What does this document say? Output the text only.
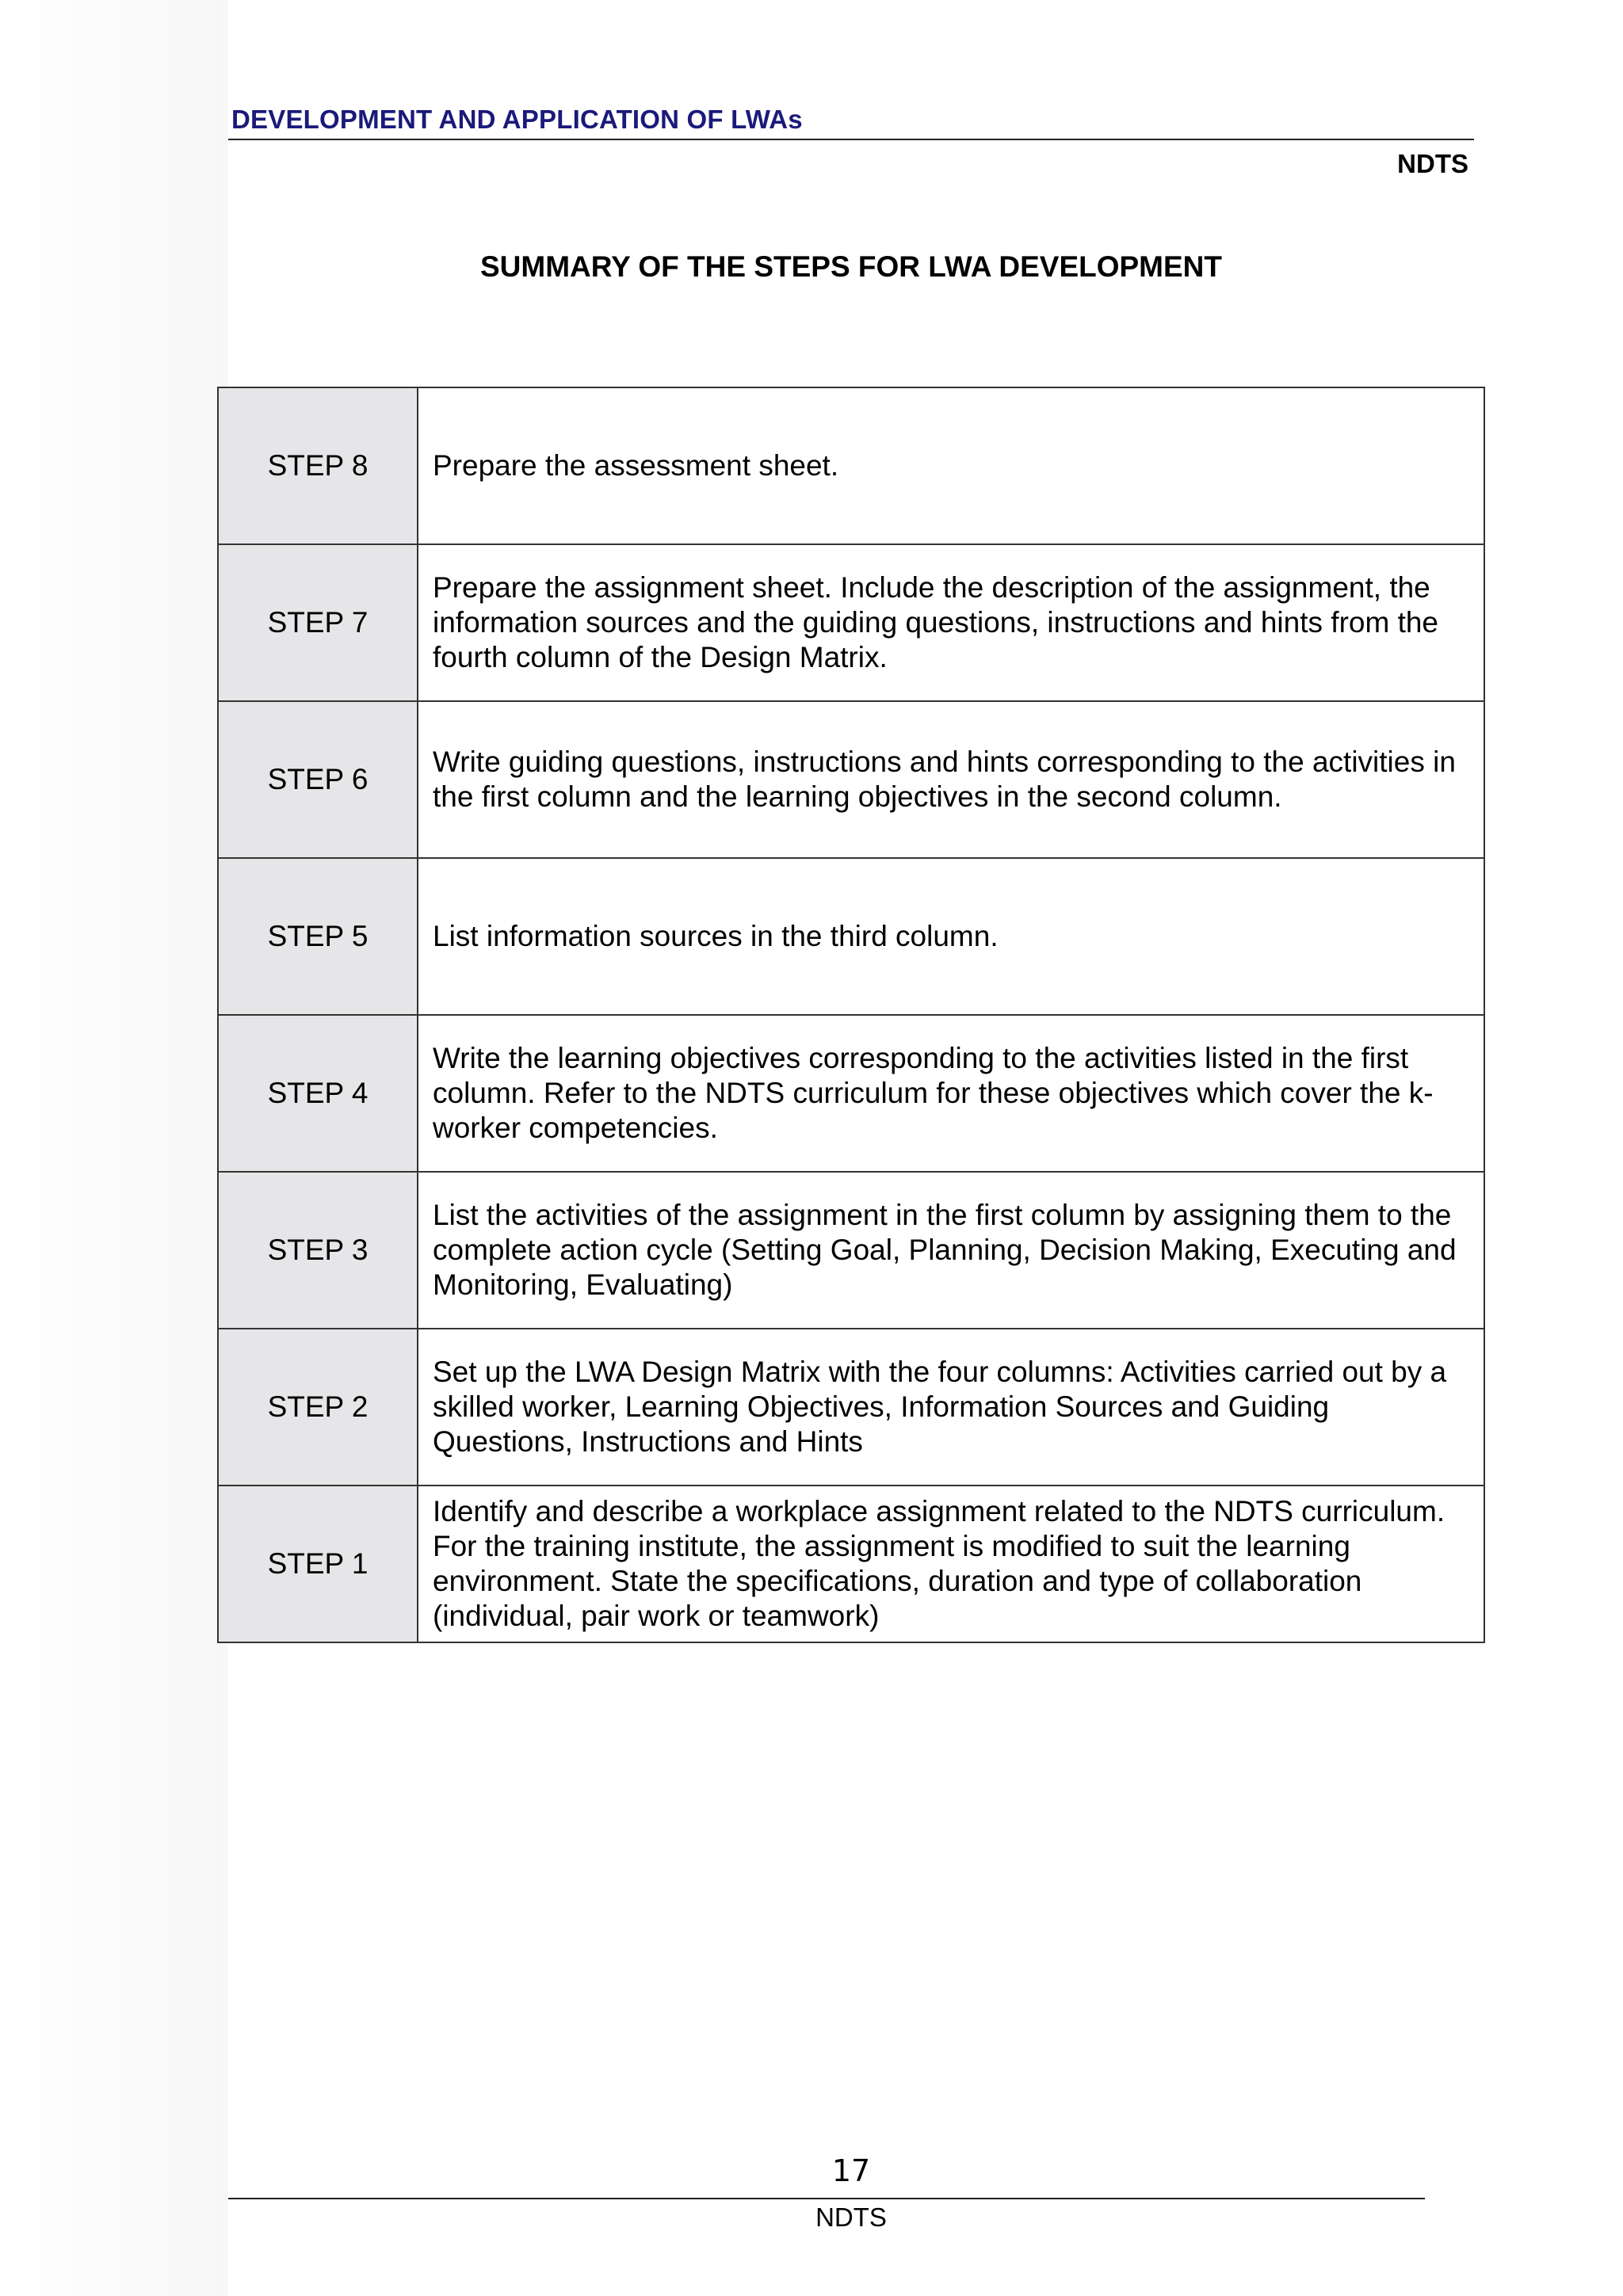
DEVELOPMENT AND APPLICATION OF LWAs
NDTS
SUMMARY OF THE STEPS FOR LWA DEVELOPMENT
STEP 8	Prepare the assessment sheet.
STEP 7	Prepare the assignment sheet. Include the description of the assignment, the information sources and the guiding questions, instructions and hints from the fourth column of the Design Matrix.
STEP 6	Write guiding questions, instructions and hints corresponding to the activities in the first column and the learning objectives in the second column.
STEP 5	List information sources in the third column.
STEP 4	Write the learning objectives corresponding to the activities listed in the first column. Refer to the NDTS curriculum for these objectives which cover the k-worker competencies.
STEP 3	List the activities of the assignment in the first column by assigning them to the complete action cycle (Setting Goal, Planning, Decision Making, Executing and Monitoring, Evaluating)
STEP 2	Set up the LWA Design Matrix with the four columns: Activities carried out by a skilled worker, Learning Objectives, Information Sources and Guiding Questions, Instructions and Hints
STEP 1	Identify and describe a workplace assignment related to the NDTS curriculum. For the training institute, the assignment is modified to suit the learning environment. State the specifications, duration and type of collaboration (individual, pair work or teamwork)
17
NDTS
